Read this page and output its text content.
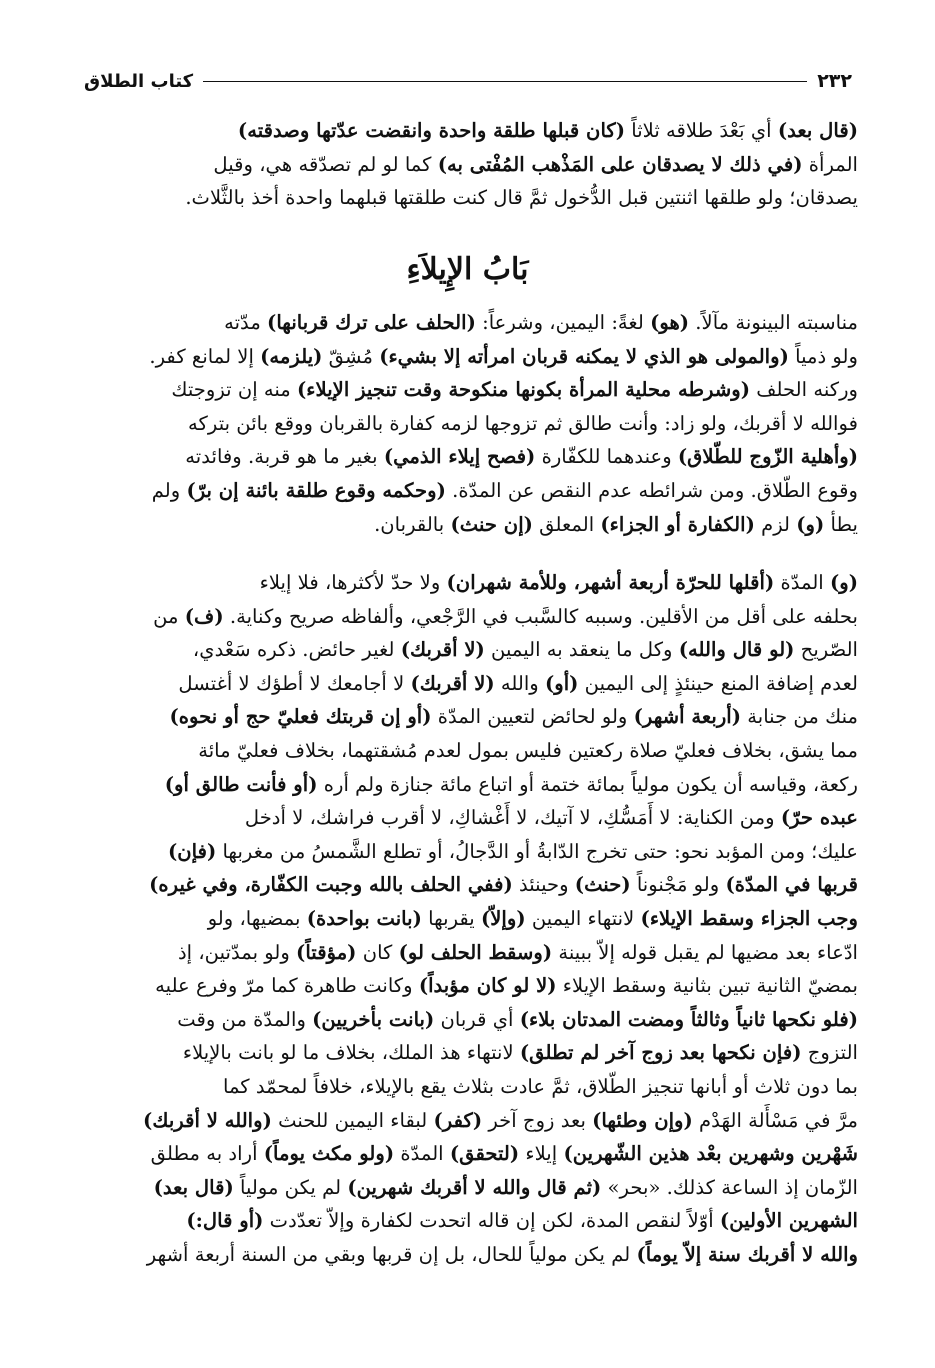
كتاب الطلاق	٢٣٢
(قال بعد) أي بَعْدَ طلاقه ثلاثاً (كان قبلها طلقة واحدة وانقضت عدّتها وصدقته)
المرأة (في ذلك لا يصدقان على المَذْهب المُفْتى به) كما لو لم تصدّقه هي، وقيل
يصدقان؛ ولو طلقها اثنتين قبل الدُّخول ثمَّ قال كنت طلقتها قبلهما واحدة أخذ بالثَّلاث.
بَابُ الإِيلاَءِ
مناسبته البينونة مآلاً. (هو) لغةً: اليمين، وشرعاً: (الحلف على ترك قربانها) مدّته
ولو ذمياً (والمولى هو الذي لا يمكنه قربان امرأته إلا بشيء) مُشِقّ (يلزمه) إلا لمانع كفر.
وركنه الحلف (وشرطه محلية المرأة بكونها منكوحة وقت تنجيز الإيلاء) منه إن تزوجتك
فوالله لا أقربك، ولو زاد: وأنت طالق ثم تزوجها لزمه كفارة بالقربان ووقع بائن بتركه
(وأهلية الزّوج للطّلاق) وعندهما للكفّارة (فصح إيلاء الذمي) بغير ما هو قربة. وفائدته
وقوع الطّلاق. ومن شرائطه عدم النقص عن المدّة. (وحكمه وقوع طلقة بائنة إن برّ) ولم
يطأ (و) لزم (الكفارة أو الجزاء) المعلق (إن حنث) بالقربان.
(و) المدّة (أقلها للحرّة أربعة أشهر، وللأمة شهران) ولا حدّ لأكثرها، فلا إيلاء
بحلفه على أقل من الأقلين. وسببه كالسَّبب في الرَّجْعي، وألفاظه صريح وكناية. (ف) من
الصّريح (لو قال والله) وكل ما ينعقد به اليمين (لا أقربك) لغير حائض. ذكره سَعْدي،
لعدم إضافة المنع حينئذٍ إلى اليمين (أو) والله (لا أقربك) لا أجامعك لا أطؤك لا أغتسل
منك من جنابة (أربعة أشهر) ولو لحائض لتعيين المدّة (أو إن قربتك فعليّ حج أو نحوه)
مما يشق، بخلاف فعليّ صلاة ركعتين فليس بمول لعدم مُشقتهما، بخلاف فعليّ مائة
ركعة، وقياسه أن يكون مولياً بمائة ختمة أو اتباع مائة جنازة ولم أره (أو فأنت طالق أو)
عبده حرّ) ومن الكناية: لا أَمَسُّكِ، لا آتيك، لا أَغْشاكِ، لا أقرب فراشك، لا أدخل
عليك؛ ومن المؤبد نحو: حتى تخرج الدّابةُ أو الدَّجالُ، أو تطلع الشَّمسُ من مغربها (فإن)
قربها في المدّة) ولو مَجْنوناً (حنث) وحينئذ (ففي الحلف بالله وجبت الكفّارة، وفي غيره)
وجب الجزاء وسقط الإيلاء) لانتهاء اليمين (وإلاّ) يقربها (بانت بواحدة) بمضيها، ولو
ادّعاء بعد مضيها لم يقبل قوله إلاّ ببينة (وسقط الحلف لو) كان (مؤقتاً) ولو بمدّتين، إذ
بمضيّ الثانية تبين بثانية وسقط الإيلاء (لا لو كان مؤبداً) وكانت طاهرة كما مرّ وفرع عليه
(فلو نكحها ثانياً وثالثاً ومضت المدتان بلاء) أي قربان (بانت بأخريين) والمدّة من وقت
التزوج (فإن نكحها بعد زوج آخر لم تطلق) لانتهاء هذ الملك، بخلاف ما لو بانت بالإيلاء
بما دون ثلاث أو أبانها تنجيز الطّلاق، ثمَّ عادت بثلاث يقع بالإيلاء، خلافاً لمحمّد كما
مرَّ في مَسْأَلة الهَدْم (وإن وطئها) بعد زوج آخر (كفر) لبقاء اليمين للحنث (والله لا أقربك)
شَهْرين وشهرين بعْد هذين الشّهرين) إيلاء (لتحقق) المدّة (ولو مكث يوماً) أراد به مطلق
الزّمان إذ الساعة كذلك. «بحر» (ثم قال والله لا أقربك شهرين) لم يكن مولياً (قال بعد)
الشهرين الأولين) أوّلاً لنقص المدة، لكن إن قاله اتحدت لكفارة وإلاّ تعدّدت (أو قال:)
والله لا أقربك سنة إلاّ يوماً) لم يكن مولياً للحال، بل إن قربها وبقي من السنة أربعة أشهر
